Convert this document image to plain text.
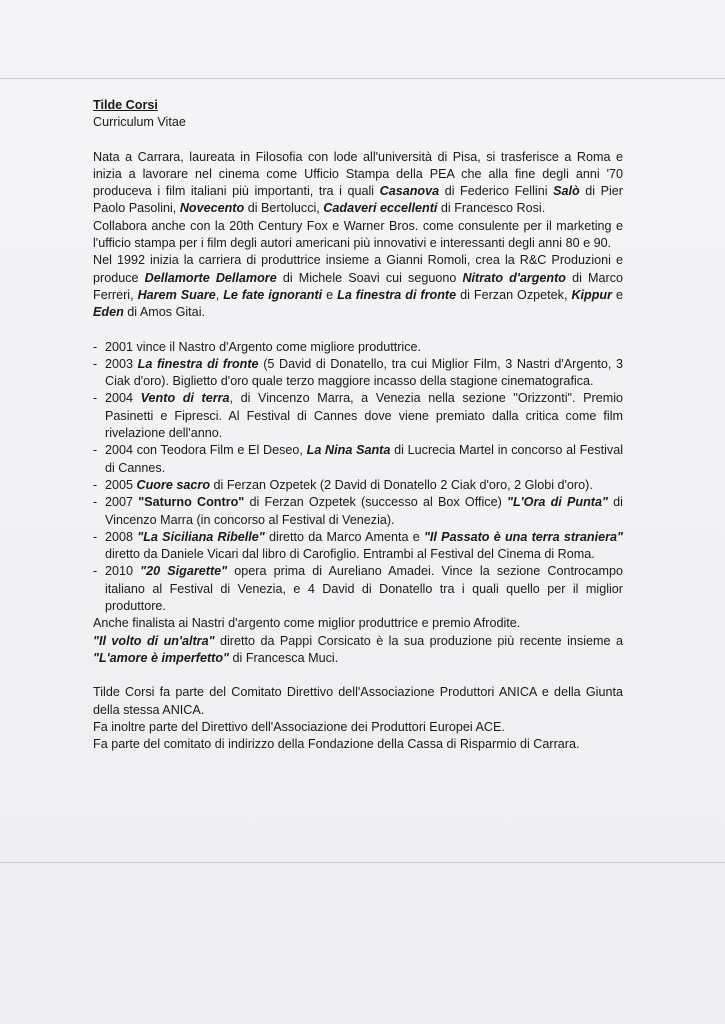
Tilde Corsi
Curriculum Vitae

Nata a Carrara, laureata in Filosofia con lode all'università di Pisa, si trasferisce a Roma e inizia a lavorare nel cinema come Ufficio Stampa della PEA che alla fine degli anni '70 produceva i film italiani più importanti, tra i quali Casanova di Federico Fellini Salò di Pier Paolo Pasolini, Novecento di Bertolucci, Cadaveri eccellenti di Francesco Rosi.

Collabora anche con la 20th Century Fox e Warner Bros. come consulente per il marketing e l'ufficio stampa per i film degli autori americani più innovativi e interessanti degli anni 80 e 90.

Nel 1992 inizia la carriera di produttrice insieme a Gianni Romoli, crea la R&C Produzioni e produce Dellamorte Dellamore di Michele Soavi cui seguono Nitrato d'argento di Marco Ferreri, Harem Suare, Le fate ignoranti e La finestra di fronte di Ferzan Ozpetek, Kippur e Eden di Amos Gitai.

- 2001 vince il Nastro d'Argento come migliore produttrice.
- 2003 La finestra di fronte (5 David di Donatello, tra cui Miglior Film, 3 Nastri d'Argento, 3 Ciak d'oro). Biglietto d'oro quale terzo maggiore incasso della stagione cinematografica.
- 2004 Vento di terra, di Vincenzo Marra, a Venezia nella sezione "Orizzonti". Premio Pasinetti e Fipresci. Al Festival di Cannes dove viene premiato dalla critica come film rivelazione dell'anno.
- 2004 con Teodora Film e El Deseo, La Nina Santa di Lucrecia Martel in concorso al Festival di Cannes.
- 2005 Cuore sacro di Ferzan Ozpetek (2 David di Donatello 2 Ciak d'oro, 2 Globi d'oro).
- 2007 "Saturno Contro" di Ferzan Ozpetek (successo al Box Office) "L'Ora di Punta" di Vincenzo Marra (in concorso al Festival di Venezia).
- 2008 "La Siciliana Ribelle" diretto da Marco Amenta e "Il Passato è una terra straniera" diretto da Daniele Vicari dal libro di Carofiglio. Entrambi al Festival del Cinema di Roma.
- 2010 "20 Sigarette" opera prima di Aureliano Amadei. Vince la sezione Controcampo italiano al Festival di Venezia, e 4 David di Donatello tra i quali quello per il miglior produttore.

Anche finalista ai Nastri d'argento come miglior produttrice e premio Afrodite.

"Il volto di un'altra" diretto da Pappi Corsicato è la sua produzione più recente insieme a "L'amore è imperfetto" di Francesca Muci.

Tilde Corsi fa parte del Comitato Direttivo dell'Associazione Produttori ANICA e della Giunta della stessa ANICA.

Fa inoltre parte del Direttivo dell'Associazione dei Produttori Europei ACE.

Fa parte del comitato di indirizzo della Fondazione della Cassa di Risparmio di Carrara.
